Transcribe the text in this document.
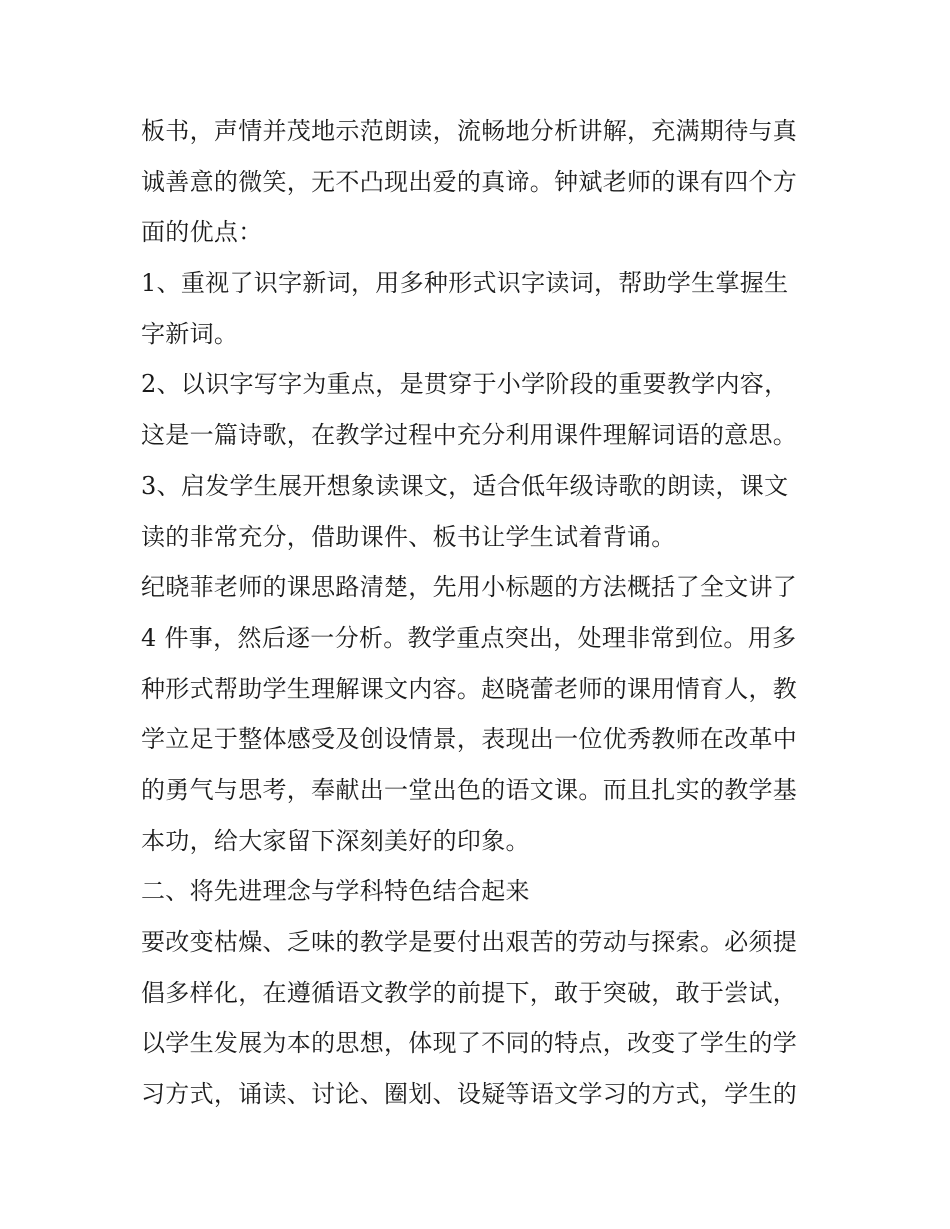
板书，声情并茂地示范朗读，流畅地分析讲解，充满期待与真
诚善意的微笑，无不凸现出爱的真谛。钟斌老师的课有四个方
面的优点：
1、重视了识字新词，用多种形式识字读词，帮助学生掌握生
字新词。
2、以识字写字为重点，是贯穿于小学阶段的重要教学内容，
这是一篇诗歌，在教学过程中充分利用课件理解词语的意思。
3、启发学生展开想象读课文，适合低年级诗歌的朗读，课文
读的非常充分，借助课件、板书让学生试着背诵。
纪晓菲老师的课思路清楚，先用小标题的方法概括了全文讲了
4 件事，然后逐一分析。教学重点突出，处理非常到位。用多
种形式帮助学生理解课文内容。赵晓蕾老师的课用情育人，教
学立足于整体感受及创设情景，表现出一位优秀教师在改革中
的勇气与思考，奉献出一堂出色的语文课。而且扎实的教学基
本功，给大家留下深刻美好的印象。
二、将先进理念与学科特色结合起来
要改变枯燥、乏味的教学是要付出艰苦的劳动与探索。必须提
倡多样化，在遵循语文教学的前提下，敢于突破，敢于尝试，
以学生发展为本的思想，体现了不同的特点，改变了学生的学
习方式，诵读、讨论、圈划、设疑等语文学习的方式，学生的
